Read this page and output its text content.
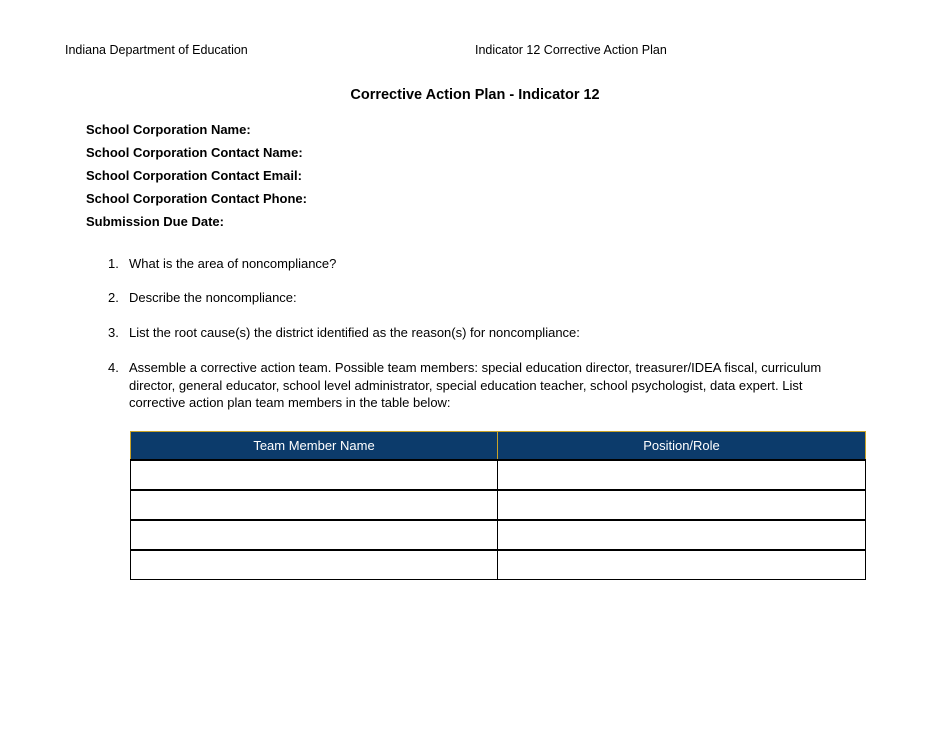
Indiana Department of Education	Indicator 12 Corrective Action Plan
Corrective Action Plan - Indicator 12
School Corporation Name:
School Corporation Contact Name:
School Corporation Contact Email:
School Corporation Contact Phone:
Submission Due Date:
1. What is the area of noncompliance?
2. Describe the noncompliance:
3. List the root cause(s) the district identified as the reason(s) for noncompliance:
4. Assemble a corrective action team. Possible team members: special education director, treasurer/IDEA fiscal, curriculum director, general educator, school level administrator, special education teacher, school psychologist, data expert. List corrective action plan team members in the table below:
Team Member Name	Position/Role
